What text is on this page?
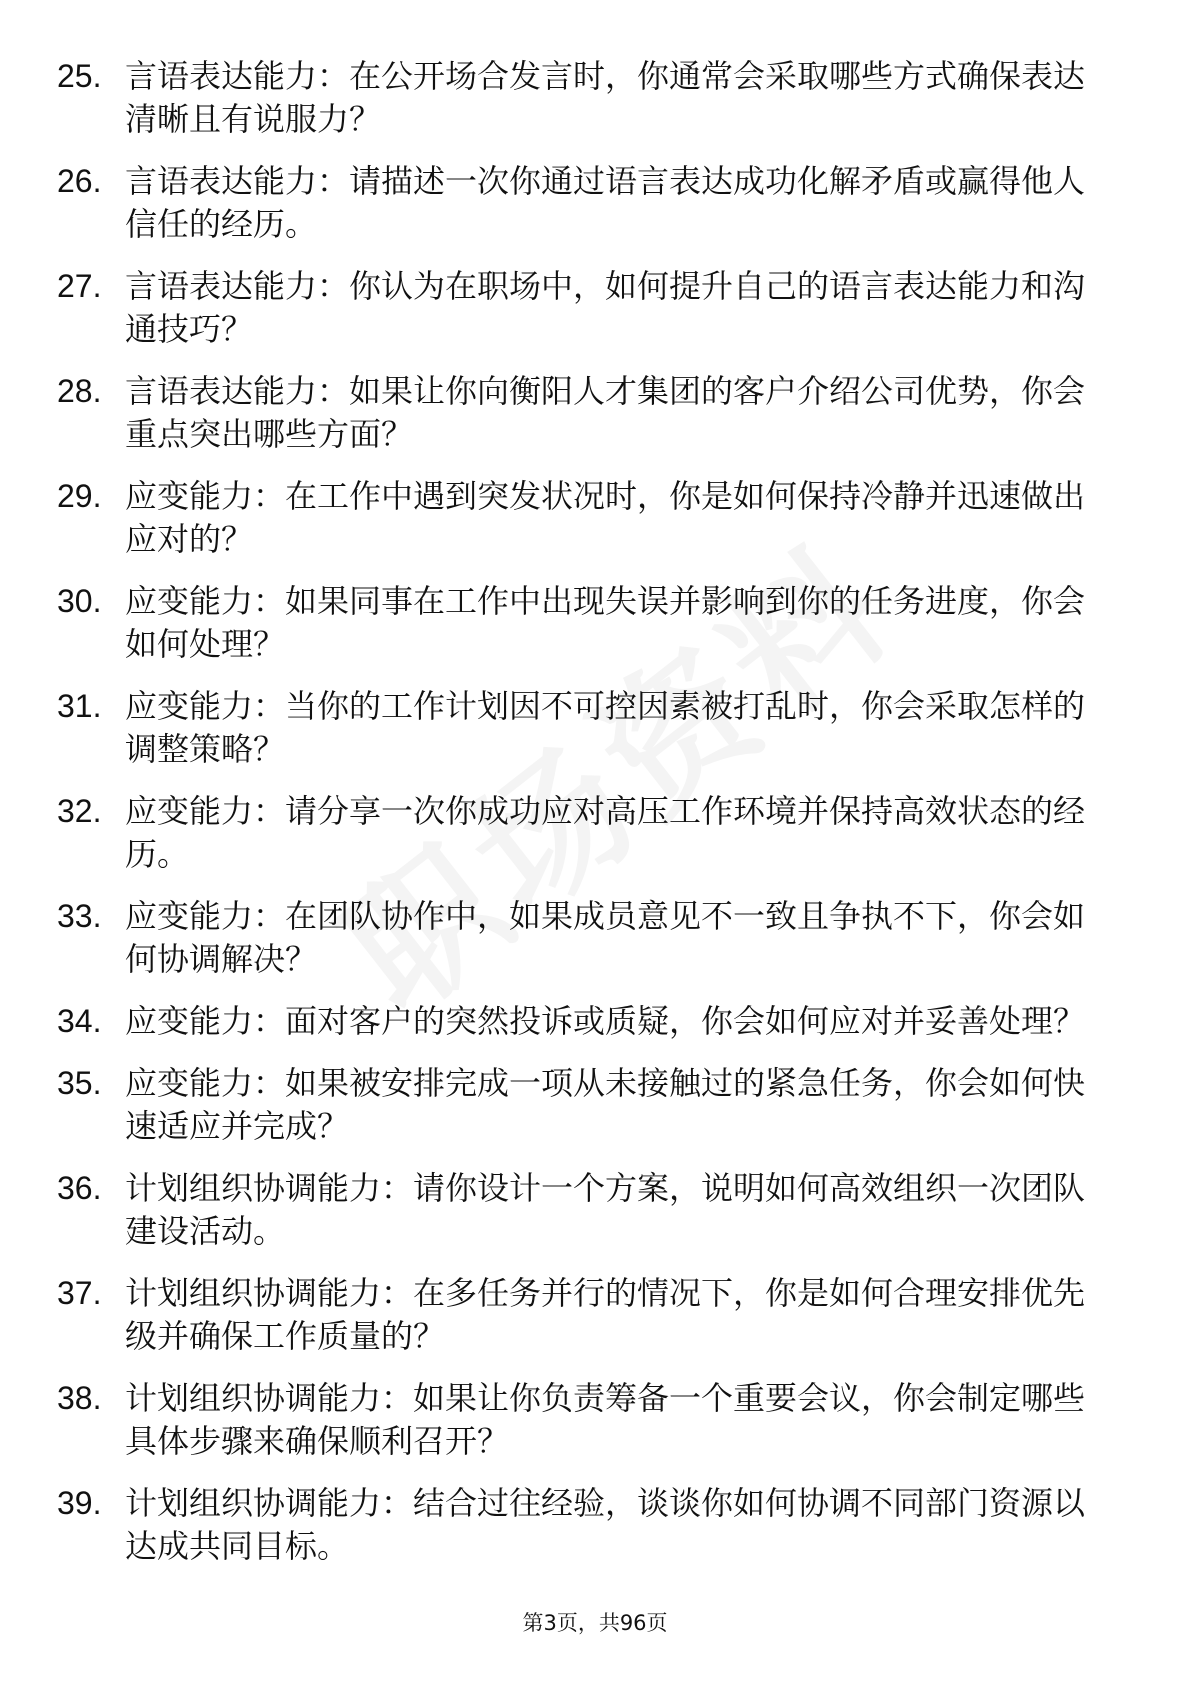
25. 言语表达能力：在公开场合发言时，你通常会采取哪些方式确保表达清晰且有说服力？
26. 言语表达能力：请描述一次你通过语言表达成功化解矛盾或赢得他人信任的经历。
27. 言语表达能力：你认为在职场中，如何提升自己的语言表达能力和沟通技巧？
28. 言语表达能力：如果让你向衡阳人才集团的客户介绍公司优势，你会重点突出哪些方面？
29. 应变能力：在工作中遇到突发状况时，你是如何保持冷静并迅速做出应对的？
30. 应变能力：如果同事在工作中出现失误并影响到你的任务进度，你会如何处理？
31. 应变能力：当你的工作计划因不可控因素被打乱时，你会采取怎样的调整策略？
32. 应变能力：请分享一次你成功应对高压工作环境并保持高效状态的经历。
33. 应变能力：在团队协作中，如果成员意见不一致且争执不下，你会如何协调解决？
34. 应变能力：面对客户的突然投诉或质疑，你会如何应对并妥善处理？
35. 应变能力：如果被安排完成一项从未接触过的紧急任务，你会如何快速适应并完成？
36. 计划组织协调能力：请你设计一个方案，说明如何高效组织一次团队建设活动。
37. 计划组织协调能力：在多任务并行的情况下，你是如何合理安排优先级并确保工作质量的？
38. 计划组织协调能力：如果让你负责筹备一个重要会议，你会制定哪些具体步骤来确保顺利召开？
39. 计划组织协调能力：结合过往经验，谈谈你如何协调不同部门资源以达成共同目标。
第3页，共96页
